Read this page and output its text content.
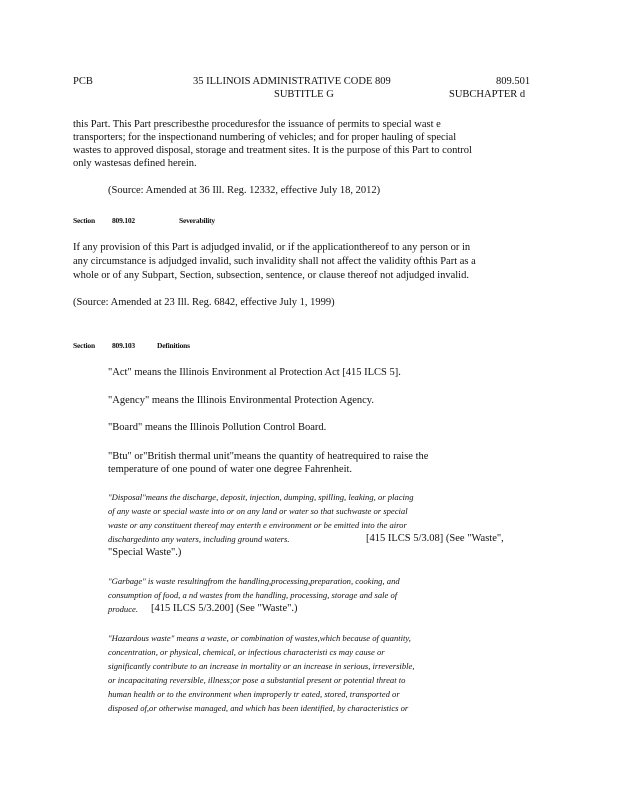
PCB	35 ILLINOIS ADMINISTRATIVE CODE 809	809.501
SUBTITLE G	SUBCHAPTER d
this Part. This Part prescribesthe proceduresfor the issuance of permits to special wast e
transporters; for the inspectionand numbering of vehicles; and for proper hauling of special
wastes to approved disposal, storage and treatment sites. It is the purpose of this Part to control
only wastesas defined herein.
(Source: Amended at 36 Ill. Reg. 12332, effective July 18, 2012)
Section 809.102	Severability
If any provision of this Part is adjudged invalid, or if the applicationthereof to any person or in
any circumstance is adjudged invalid, such invalidity shall not affect the validity ofthis Part as a
whole or of any Subpart, Section, subsection, sentence, or clause thereof not adjudged invalid.
(Source: Amended at 23 Ill. Reg. 6842, effective July 1, 1999)
Section 809.103	Definitions
"Act" means the Illinois Environment al Protection Act [415 ILCS 5].
"Agency" means the Illinois Environmental Protection Agency.
"Board" means the Illinois Pollution Control Board.
"Btu" or"British thermal unit"means the quantity of heatrequired to raise the
temperature of one pound of water one degree Fahrenheit.
"Disposal"means the discharge, deposit, injection, dumping, spilling, leaking, or placing
of any waste or special waste into or on any land or water so that suchwaste or special
waste or any constituent thereof may enterth e environment or be emitted into the airor
dischargedinto any waters, including ground waters.	[415 ILCS 5/3.08] (See "Waste",
"Special Waste".)
"Garbage" is waste resultingfrom the handling,processing,preparation, cooking, and
consumption of food, a nd wastes from the handling, processing, storage and sale of
produce. [415 ILCS 5/3.200] (See "Waste".)
"Hazardous waste" means a waste, or combination of wastes,which because of quantity,
concentration, or physical, chemical, or infectious characteristi cs may cause or
significantly contribute to an increase in mortality or an increase in serious, irreversible,
or incapacitating reversible, illness;or pose a substantial present or potential threat to
human health or to the environment when improperly tr eated, stored, transported or
disposed of,or otherwise managed, and which has been identified, by characteristics or
